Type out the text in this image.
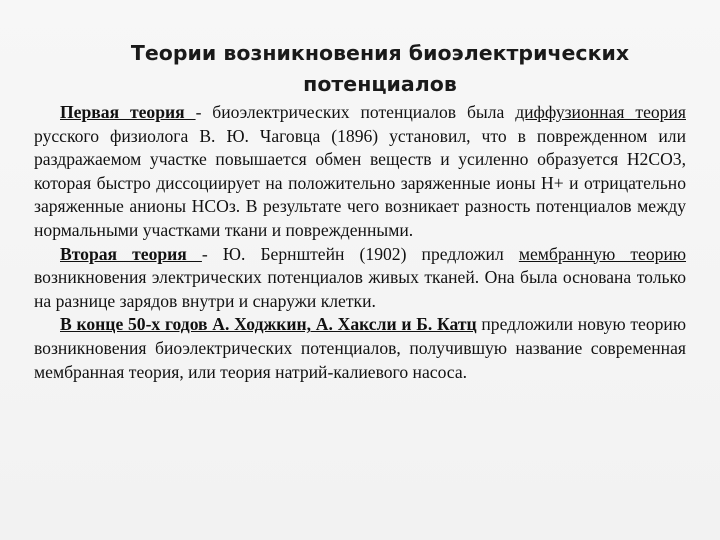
Теории возникновения биоэлектрических
потенциалов

Первая теория - биоэлектрических потенциалов была диффузионная теория русского физиолога В. Ю. Чаговца (1896) установил, что в поврежденном или раздражаемом участке повышается обмен веществ и усиленно образуется Н2СО3, которая быстро диссоциирует на положительно заряженные ионы Н+ и отрицательно заряженные анионы НСОз. В результате чего возникает разность потенциалов между нормальными участками ткани и поврежденными.

Вторая теория - Ю. Бернштейн (1902) предложил мембранную теорию возникновения электрических потенциалов живых тканей. Она была основана только на разнице зарядов внутри и снаружи клетки.

В конце 50-х годов А. Ходжкин, А. Хаксли и Б. Катц предложили новую теорию возникновения биоэлектрических потенциалов, получившую название современная мембранная теория, или теория натрий-калиевого насоса.
